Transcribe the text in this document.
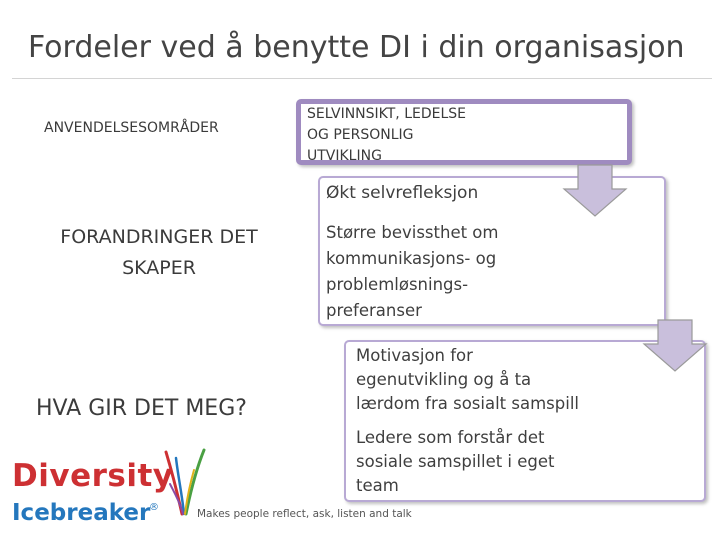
Fordeler ved å benytte DI i din organisasjon
ANVENDELSESOMRÅDER
FORANDRINGER DET
SKAPER
HVA GIR DET MEG?
Økt selvrefleksjon
Større bevissthet om
kommunikasjons- og
problemløsnings-
preferanser
Motivasjon for
egenutvikling og å ta
lærdom fra sosialt samspill
Ledere som forstår det
sosiale samspillet i eget
team
SELVINNSIKT, LEDELSE
OG PERSONLIG
UTVIKLING
Diversity
Icebreaker
®
Makes people reflect, ask, listen and talk
